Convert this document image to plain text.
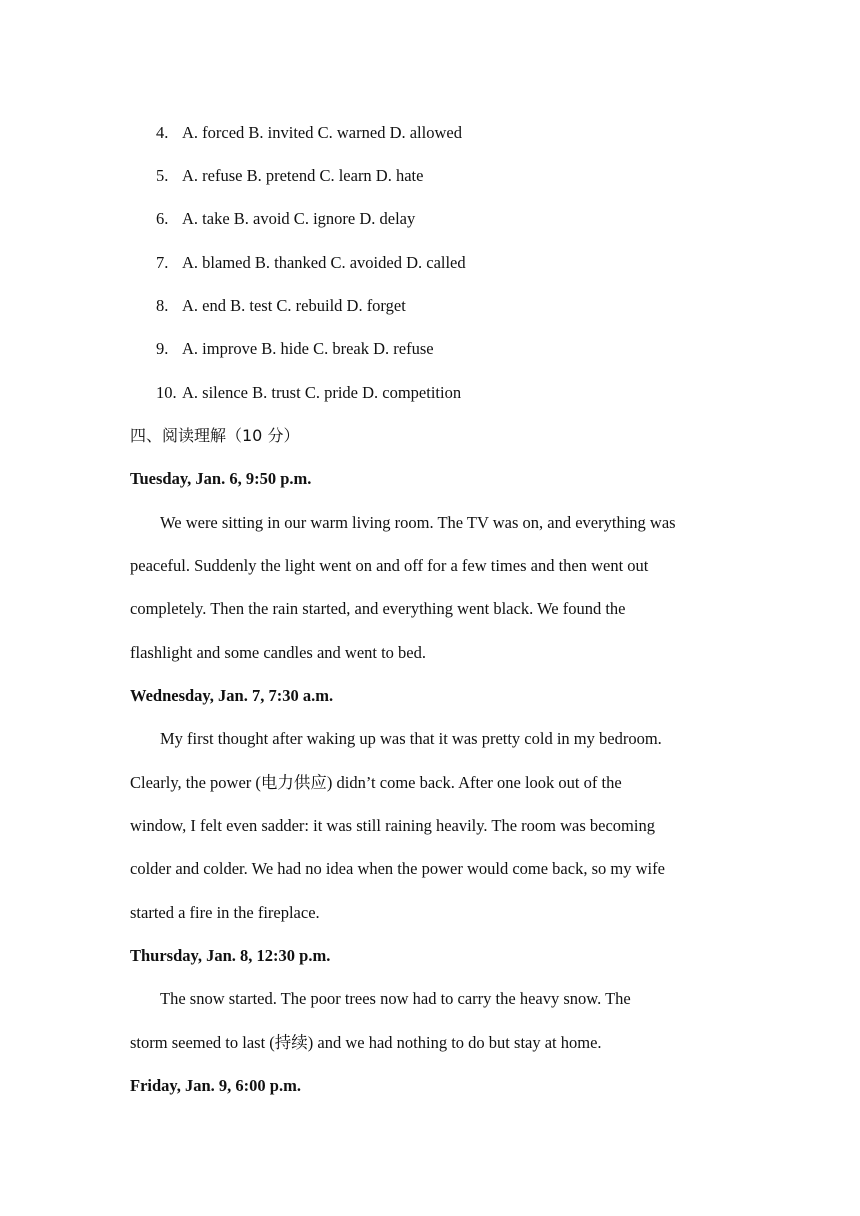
4. A. forced B. invited C. warned D. allowed
5. A. refuse B. pretend C. learn D. hate
6. A. take B. avoid C. ignore D. delay
7. A. blamed B. thanked C. avoided D. called
8. A. end B. test C. rebuild D. forget
9. A. improve B. hide C. break D. refuse
10. A. silence B. trust C. pride D. competition
四、阅读理解（10 分）
Tuesday, Jan. 6, 9:50 p.m.
We were sitting in our warm living room. The TV was on, and everything was
peaceful. Suddenly the light went on and off for a few times and then went out
completely. Then the rain started, and everything went black. We found the
flashlight and some candles and went to bed.
Wednesday, Jan. 7, 7:30 a.m.
My first thought after waking up was that it was pretty cold in my bedroom.
Clearly, the power (电力供应) didn’t come back. After one look out of the
window, I felt even sadder: it was still raining heavily. The room was becoming
colder and colder. We had no idea when the power would come back, so my wife
started a fire in the fireplace.
Thursday, Jan. 8, 12:30 p.m.
The snow started. The poor trees now had to carry the heavy snow. The
storm seemed to last (持续) and we had nothing to do but stay at home.
Friday, Jan. 9, 6:00 p.m.
